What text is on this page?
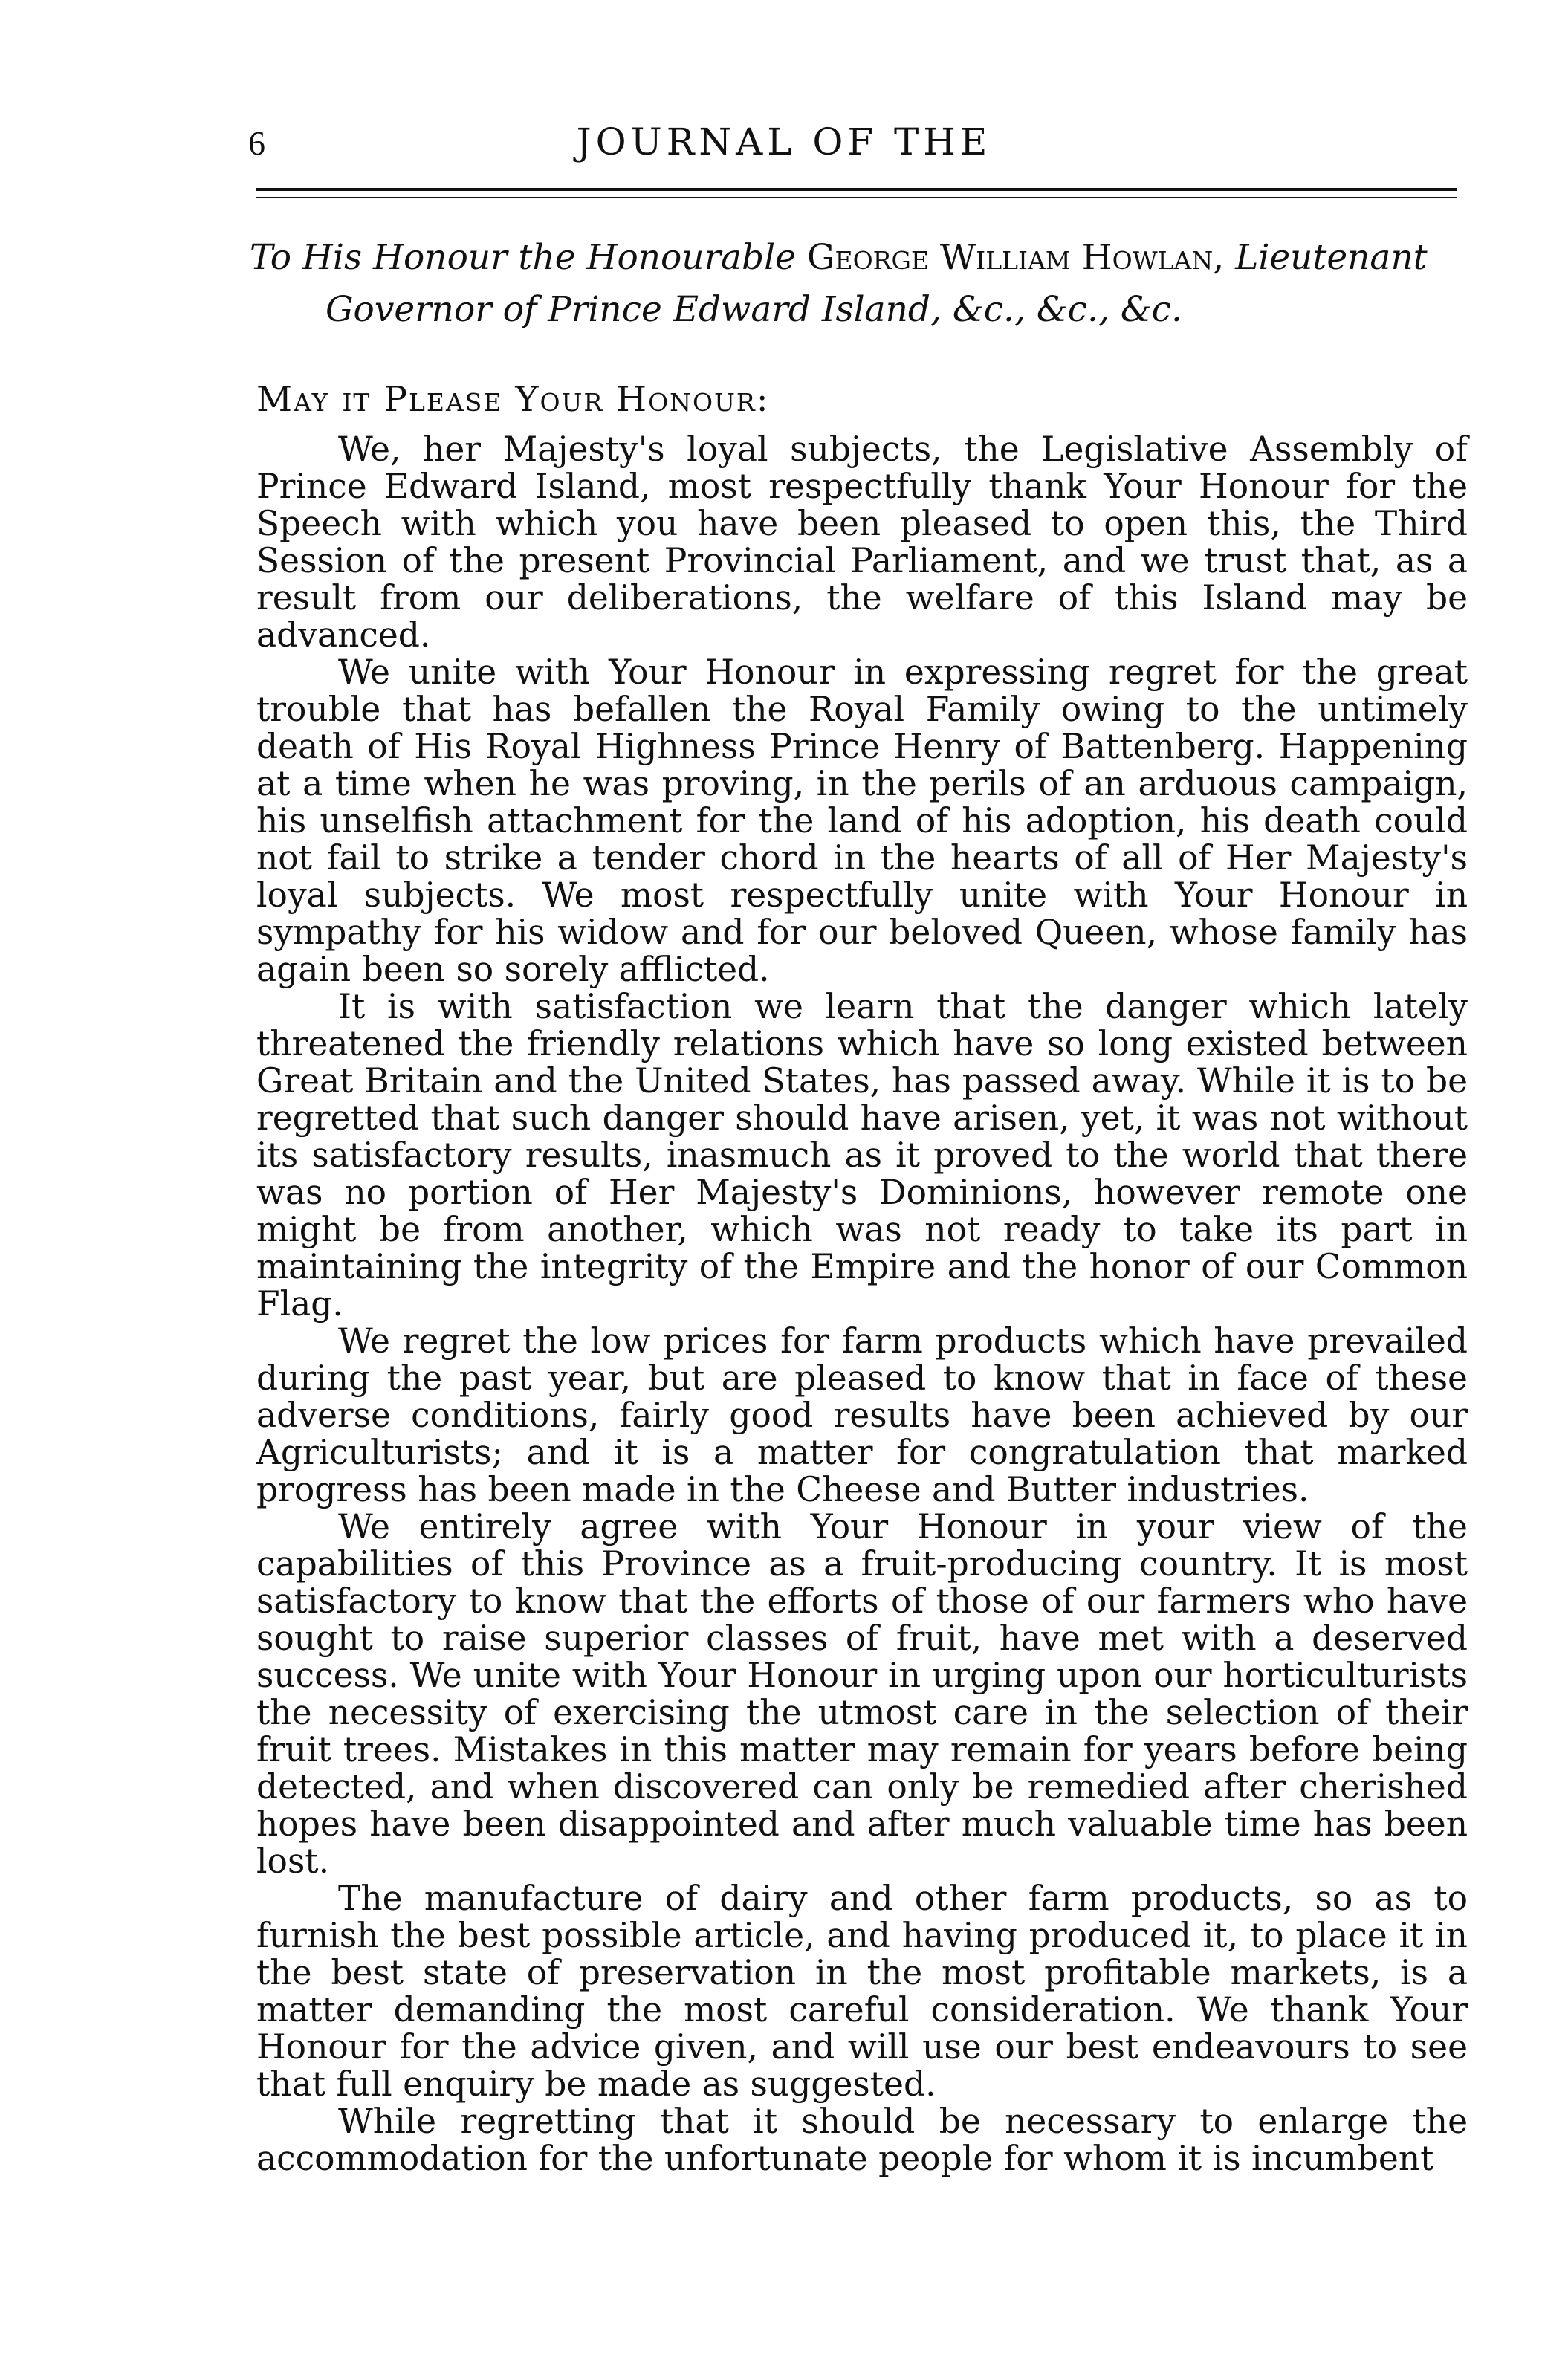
6	JOURNAL OF THE
To His Honour the Honourable George William Howlan, Lieutenant
Governor of Prince Edward Island, &c., &c., &c.
May it Please Your Honour:

We, her Majesty's loyal subjects, the Legislative Assembly of Prince Edward Island, most respectfully thank Your Honour for the Speech with which you have been pleased to open this, the Third Session of the present Provincial Parliament, and we trust that, as a result from our deliberations, the welfare of this Island may be advanced.

We unite with Your Honour in expressing regret for the great trouble that has befallen the Royal Family owing to the untimely death of His Royal Highness Prince Henry of Battenberg. Happening at a time when he was proving, in the perils of an arduous campaign, his unselfish attachment for the land of his adoption, his death could not fail to strike a tender chord in the hearts of all of Her Majesty's loyal subjects. We most respectfully unite with Your Honour in sympathy for his widow and for our beloved Queen, whose family has again been so sorely afflicted.

It is with satisfaction we learn that the danger which lately threatened the friendly relations which have so long existed between Great Britain and the United States, has passed away. While it is to be regretted that such danger should have arisen, yet, it was not without its satisfactory results, inasmuch as it proved to the world that there was no portion of Her Majesty's Dominions, however remote one might be from another, which was not ready to take its part in maintaining the integrity of the Empire and the honor of our Common Flag.

We regret the low prices for farm products which have prevailed during the past year, but are pleased to know that in face of these adverse conditions, fairly good results have been achieved by our Agriculturists; and it is a matter for congratulation that marked progress has been made in the Cheese and Butter industries.

We entirely agree with Your Honour in your view of the capabilities of this Province as a fruit-producing country. It is most satisfactory to know that the efforts of those of our farmers who have sought to raise superior classes of fruit, have met with a deserved success. We unite with Your Honour in urging upon our horticulturists the necessity of exercising the utmost care in the selection of their fruit trees. Mistakes in this matter may remain for years before being detected, and when discovered can only be remedied after cherished hopes have been disappointed and after much valuable time has been lost.

The manufacture of dairy and other farm products, so as to furnish the best possible article, and having produced it, to place it in the best state of preservation in the most profitable markets, is a matter demanding the most careful consideration. We thank Your Honour for the advice given, and will use our best endeavours to see that full enquiry be made as suggested.

While regretting that it should be necessary to enlarge the accommodation for the unfortunate people for whom it is incumbent
